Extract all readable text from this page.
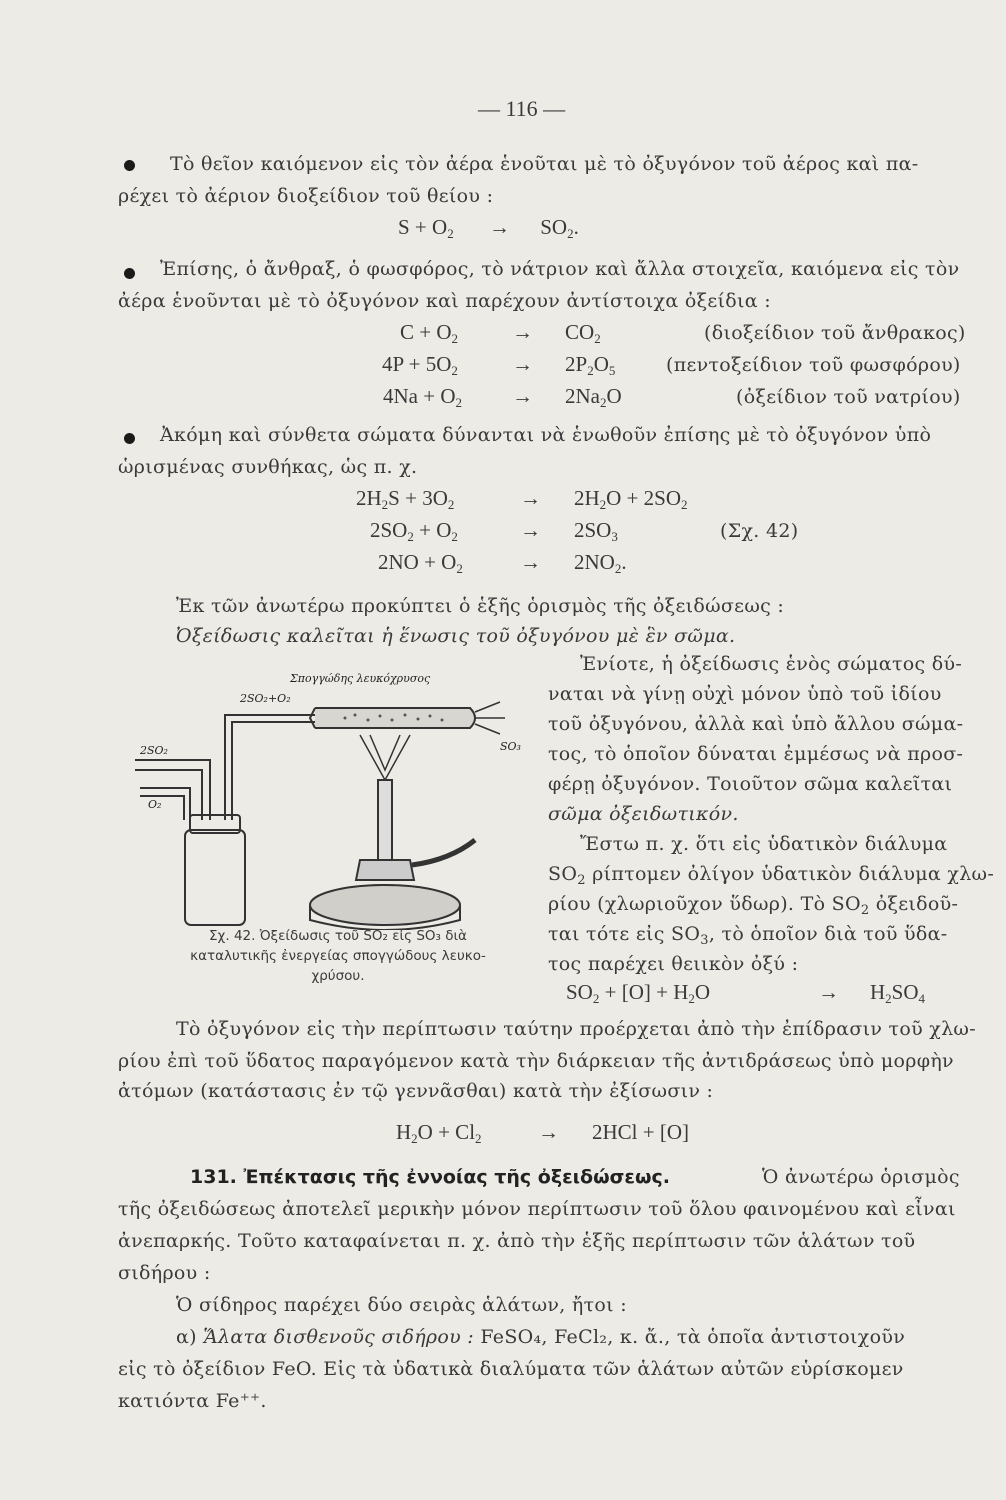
— 116 —
Τὸ θεῖον καιόμενον εἰς τὸν ἀέρα ἑνοῦται μὲ τὸ ὀξυγόνον τοῦ ἀέρος καὶ πα-
ρέχει τὸ ἀέριον διοξείδιον τοῦ θείου :
$S + O_2 \to SO_2$.
Ἐπίσης, ὁ ἄνθραξ, ὁ φωσφόρος, τὸ νάτριον καὶ ἄλλα στοιχεῖα, καιόμενα εἰς τὸν
ἀέρα ἑνοῦνται μὲ τὸ ὀξυγόνον καὶ παρέχουν ἀντίστοιχα ὀξείδια :
$C + O_2$	→ $CO_2$	(διοξείδιον τοῦ ἄνθρακος)
$4P + 5O_2$	→ $2P_2O_5$	(πεντοξείδιον τοῦ φωσφόρου)
$4Na + O_2 \to 2Na_2O$	(ὀξείδιον τοῦ νατρίου)
Ἀκόμη καὶ σύνθετα σώματα δύνανται νὰ ἑνωθοῦν ἐπίσης μὲ τὸ ὀξυγόνον ὑπὸ
ὡρισμένας συνθήκας, ὡς π. χ.
$2H_2S + 3O_2$	→ $2H_2O + 2SO_2$
$2SO_2 + O_2$	→ $2SO_3$	(Σχ. 42)
$2NO + O_2$	→ $2NO_2$.
Ἐκ τῶν ἀνωτέρω προκύπτει ὁ ἑξῆς ὁρισμὸς τῆς ὀξειδώσεως :
Ὀξείδωσις καλεῖται ἡ ἕνωσις τοῦ ὀξυγόνου μὲ ἓν σῶμα.
Ἐνίοτε, ἡ ὀξείδωσις ἑνὸς σώματος δύ-
ναται νὰ γίνῃ οὐχὶ μόνον ὑπὸ τοῦ ἰδίου
τοῦ ὀξυγόνου, ἀλλὰ καὶ ὑπὸ ἄλλου σώμα-
τος, τὸ ὁποῖον δύναται ἐμμέσως νὰ προσ-
φέρῃ ὀξυγόνον. Τοιοῦτον σῶμα καλεῖται
σῶμα ὀξειδωτικόν.
Ἔστω π. χ. ὅτι εἰς ὑδατικὸν διάλυμα
$SO_2$ ρίπτομεν ὀλίγον ὑδατικὸν διάλυμα χλω-
ρίου (χλωριοῦχον ὕδωρ). Τὸ $SO_2$ ὀξειδοῦ-
ται τότε εἰς $SO_3$, τὸ ὁποῖον διὰ τοῦ ὕδα-
τος παρέχει θειικὸν ὀξύ :
$SO_2 + [O] + H_2O$	→ $H_2SO_4$
Σπογγώδης λευκόχρυσος
2SO₂+O₂
2SO₂
O₂
SO₃
Σχ. 42. Ὀξείδωσις τοῦ SO₂ εἰς SO₃ διὰ
καταλυτικῆς ἐνεργείας σπογγώδους λευκο-
χρύσου.
Τὸ ὀξυγόνον εἰς τὴν περίπτωσιν ταύτην προέρχεται ἀπὸ τὴν ἐπίδρασιν τοῦ χλω-
ρίου ἐπὶ τοῦ ὕδατος παραγόμενον κατὰ τὴν διάρκειαν τῆς ἀντιδράσεως ὑπὸ μορφὴν
ἀτόμων (κατάστασις ἐν τῷ γεννᾶσθαι) κατὰ τὴν ἐξίσωσιν :
$H_2O + Cl_2$	→ 2HCl + [O]
131. Ἐπέκτασις τῆς ἐννοίας τῆς ὀξειδώσεως.	Ὁ ἀνωτέρω ὁρισμὸς
τῆς ὀξειδώσεως ἀποτελεῖ μερικὴν μόνον περίπτωσιν τοῦ ὅλου φαινομένου καὶ εἶναι
ἀνεπαρκής. Τοῦτο καταφαίνεται π. χ. ἀπὸ τὴν ἑξῆς περίπτωσιν τῶν ἁλάτων τοῦ
σιδήρου :
Ὁ σίδηρος παρέχει δύο σειρὰς ἁλάτων, ἤτοι :
α) Ἅλατα δισθενοῦς σιδήρου : FeSO₄, FeCl₂, κ. ἄ., τὰ ὁποῖα ἀντιστοιχοῦν
εἰς τὸ ὀξείδιον FeO. Εἰς τὰ ὑδατικὰ διαλύματα τῶν ἁλάτων αὐτῶν εὑρίσκομεν
κατιόντα Fe⁺⁺.
